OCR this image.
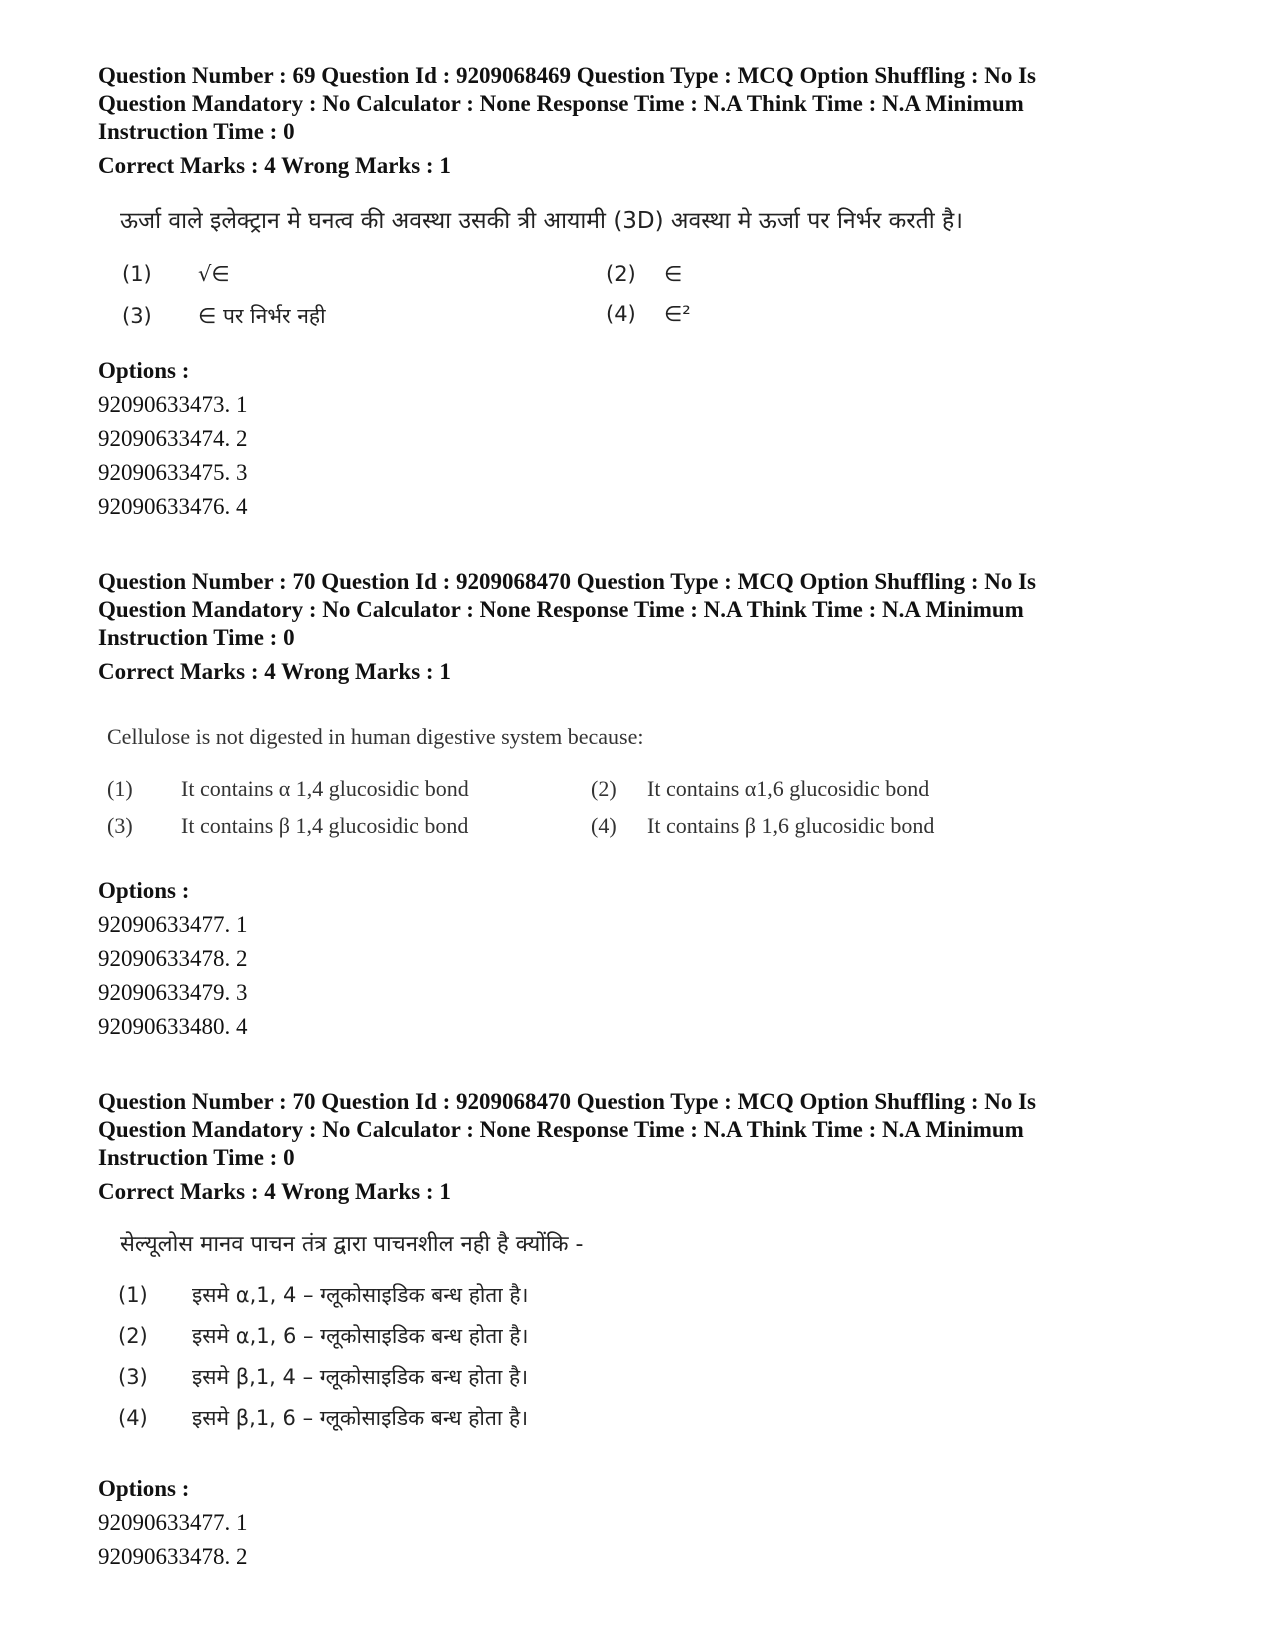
Question Number : 69 Question Id : 9209068469 Question Type : MCQ Option Shuffling : No Is
Question Mandatory : No Calculator : None Response Time : N.A Think Time : N.A Minimum
Instruction Time : 0
Correct Marks : 4 Wrong Marks : 1
ऊर्जा वाले इलेक्ट्रान मे घनत्व की अवस्था उसकी त्री आयामी (3D) अवस्था मे ऊर्जा पर निर्भर करती है।
(1) √∈	(2) ∈
(3) ∈ पर निर्भर नही	(4) ∈²
Options :
92090633473. 1
92090633474. 2
92090633475. 3
92090633476. 4
Question Number : 70 Question Id : 9209068470 Question Type : MCQ Option Shuffling : No Is
Question Mandatory : No Calculator : None Response Time : N.A Think Time : N.A Minimum
Instruction Time : 0
Correct Marks : 4 Wrong Marks : 1
Cellulose is not digested in human digestive system because:
(1) It contains α 1,4 glucosidic bond	(2) It contains α1,6 glucosidic bond
(3) It contains β 1,4 glucosidic bond	(4) It contains β 1,6 glucosidic bond
Options :
92090633477. 1
92090633478. 2
92090633479. 3
92090633480. 4
Question Number : 70 Question Id : 9209068470 Question Type : MCQ Option Shuffling : No Is
Question Mandatory : No Calculator : None Response Time : N.A Think Time : N.A Minimum
Instruction Time : 0
Correct Marks : 4 Wrong Marks : 1
सेल्यूलोस मानव पाचन तंत्र द्वारा पाचनशील नही है क्योंकि -
(1) इसमे α,1, 4 – ग्लूकोसाइडिक बन्ध होता है।
(2) इसमे α,1, 6 – ग्लूकोसाइडिक बन्ध होता है।
(3) इसमे β,1, 4 – ग्लूकोसाइडिक बन्ध होता है।
(4) इसमे β,1, 6 – ग्लूकोसाइडिक बन्ध होता है।
Options :
92090633477. 1
92090633478. 2
